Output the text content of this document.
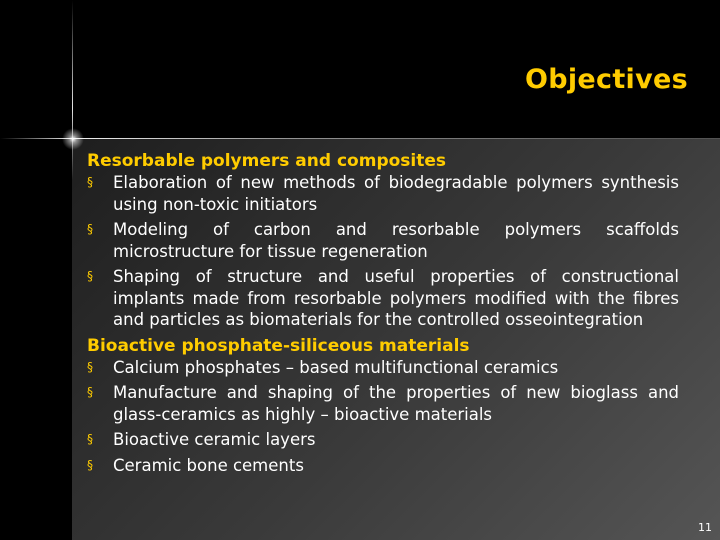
Objectives
Resorbable polymers and composites
§ Elaboration of new methods of biodegradable polymers synthesis using non-toxic initiators
§ Modeling of carbon and resorbable polymers scaffolds microstructure for tissue regeneration
§ Shaping of structure and useful properties of constructional implants made from resorbable polymers modified with the fibres and particles as biomaterials for the controlled osseointegration
Bioactive phosphate-siliceous materials
§ Calcium phosphates – based multifunctional ceramics
§ Manufacture and shaping of the properties of new bioglass and glass-ceramics as highly – bioactive materials
§ Bioactive ceramic layers
§ Ceramic bone cements
11
